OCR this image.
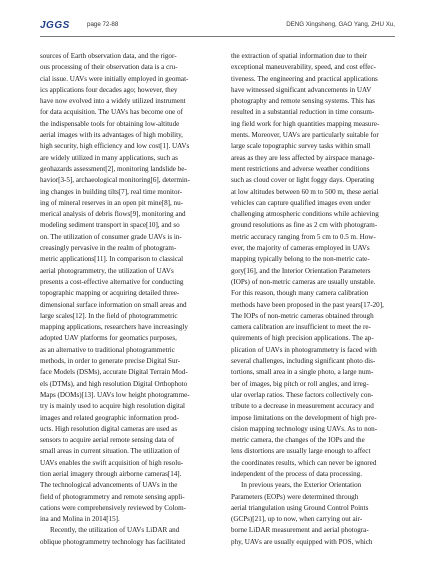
JGGS	page 72-88	DENG Xingsheng, GAO Yang, ZHU Xu,
sources of Earth observation data, and the rigor-
ous processing of their observation data is a cru-
cial issue. UAVs were initially employed in geomat-
ics applications four decades ago; however, they
have now evolved into a widely utilized instrument
for data acquisition. The UAVs has become one of
the indispensable tools for obtaining low-altitude
aerial images with its advantages of high mobility,
high security, high efficiency and low cost[1]. UAVs
are widely utilized in many applications, such as
geohazards assessment[2], monitoring landslide be-
havior[3-5], archaeological monitoring[6], determin-
ing changes in building tilts[7], real time monitor-
ing of mineral reserves in an open pit mine[8], nu-
merical analysis of debris flows[9], monitoring and
modeling sediment transport in space[10], and so
on. The utilization of consumer grade UAVs is in-
creasingly pervasive in the realm of photogram-
metric applications[11]. In comparison to classical
aerial photogrammetry, the utilization of UAVs
presents a cost-effective alternative for conducting
topographic mapping or acquiring detailed three-
dimensional surface information on small areas and
large scales[12]. In the field of photogrammetric
mapping applications, researchers have increasingly
adopted UAV platforms for geomatics purposes,
as an alternative to traditional photogrammetric
methods, in order to generate precise Digital Sur-
face Models (DSMs), accurate Digital Terrain Mod-
els (DTMs), and high resolution Digital Orthophoto
Maps (DOMs)[13]. UAVs low height photogramme-
try is mainly used to acquire high resolution digital
images and related geographic information prod-
ucts. High resolution digital cameras are used as
sensors to acquire aerial remote sensing data of
small areas in current situation. The utilization of
UAVs enables the swift acquisition of high resolu-
tion aerial imagery through airborne cameras[14].
The technological advancements of UAVs in the
field of photogrammetry and remote sensing appli-
cations were comprehensively reviewed by Colom-
ina and Molina in 2014[15].
Recently, the utilization of UAVs LiDAR and
oblique photogrammetry technology has facilitated
the extraction of spatial information due to their
exceptional maneuverability, speed, and cost effec-
tiveness. The engineering and practical applications
have witnessed significant advancements in UAV
photography and remote sensing systems. This has
resulted in a substantial reduction in time consum-
ing field work for high quantities mapping measure-
ments. Moreover, UAVs are particularly suitable for
large scale topographic survey tasks within small
areas as they are less affected by airspace manage-
ment restrictions and adverse weather conditions
such as cloud cover or light foggy days. Operating
at low altitudes between 60 m to 500 m, these aerial
vehicles can capture qualified images even under
challenging atmospheric conditions while achieving
ground resolutions as fine as 2 cm with photogram-
metric accuracy ranging from 5 cm to 0.5 m. How-
ever, the majority of cameras employed in UAVs
mapping typically belong to the non-metric cate-
gory[16], and the Interior Orientation Parameters
(IOPs) of non-metric cameras are usually unstable.
For this reason, though many camera calibration
methods have been proposed in the past years[17-20],
The IOPs of non-metric cameras obtained through
camera calibration are insufficient to meet the re-
quirements of high precision applications. The ap-
plication of UAVs in photogrammetry is faced with
several challenges, including significant photo dis-
tortions, small area in a single photo, a large num-
ber of images, big pitch or roll angles, and irreg-
ular overlap ratios. These factors collectively con-
tribute to a decrease in measurement accuracy and
impose limitations on the development of high pre-
cision mapping technology using UAVs. As to non-
metric camera, the changes of the IOPs and the
lens distortions are usually large enough to affect
the coordinates results, which can never be ignored
independent of the process of data processing.
In previous years, the Exterior Orientation
Parameters (EOPs) were determined through
aerial triangulation using Ground Control Points
(GCPs)[21], up to now, when carrying out air-
borne LiDAR measurement and aerial photogra-
phy, UAVs are usually equipped with POS, which
